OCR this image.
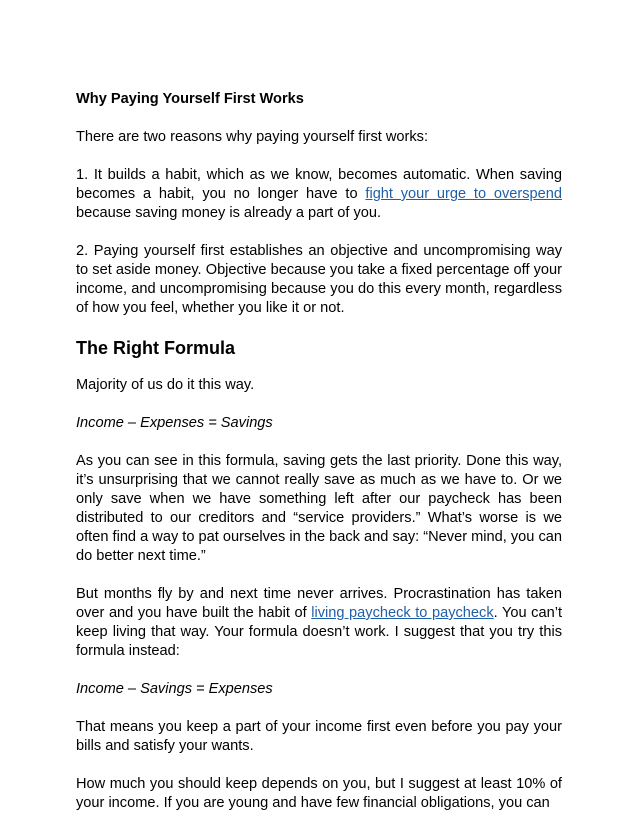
Why Paying Yourself First Works

There are two reasons why paying yourself first works:

1. It builds a habit, which as we know, becomes automatic. When saving becomes a habit, you no longer have to fight your urge to overspend because saving money is already a part of you.

2. Paying yourself first establishes an objective and uncompromising way to set aside money. Objective because you take a fixed percentage off your income, and uncompromising because you do this every month, regardless of how you feel, whether you like it or not.

The Right Formula

Majority of us do it this way.

Income – Expenses = Savings

As you can see in this formula, saving gets the last priority. Done this way, it’s unsurprising that we cannot really save as much as we have to. Or we only save when we have something left after our paycheck has been distributed to our creditors and “service providers.” What’s worse is we often find a way to pat ourselves in the back and say: “Never mind, you can do better next time.”

But months fly by and next time never arrives. Procrastination has taken over and you have built the habit of living paycheck to paycheck. You can’t keep living that way. Your formula doesn’t work. I suggest that you try this formula instead:

Income – Savings = Expenses

That means you keep a part of your income first even before you pay your bills and satisfy your wants.

How much you should keep depends on you, but I suggest at least 10% of your income. If you are young and have few financial obligations, you can
